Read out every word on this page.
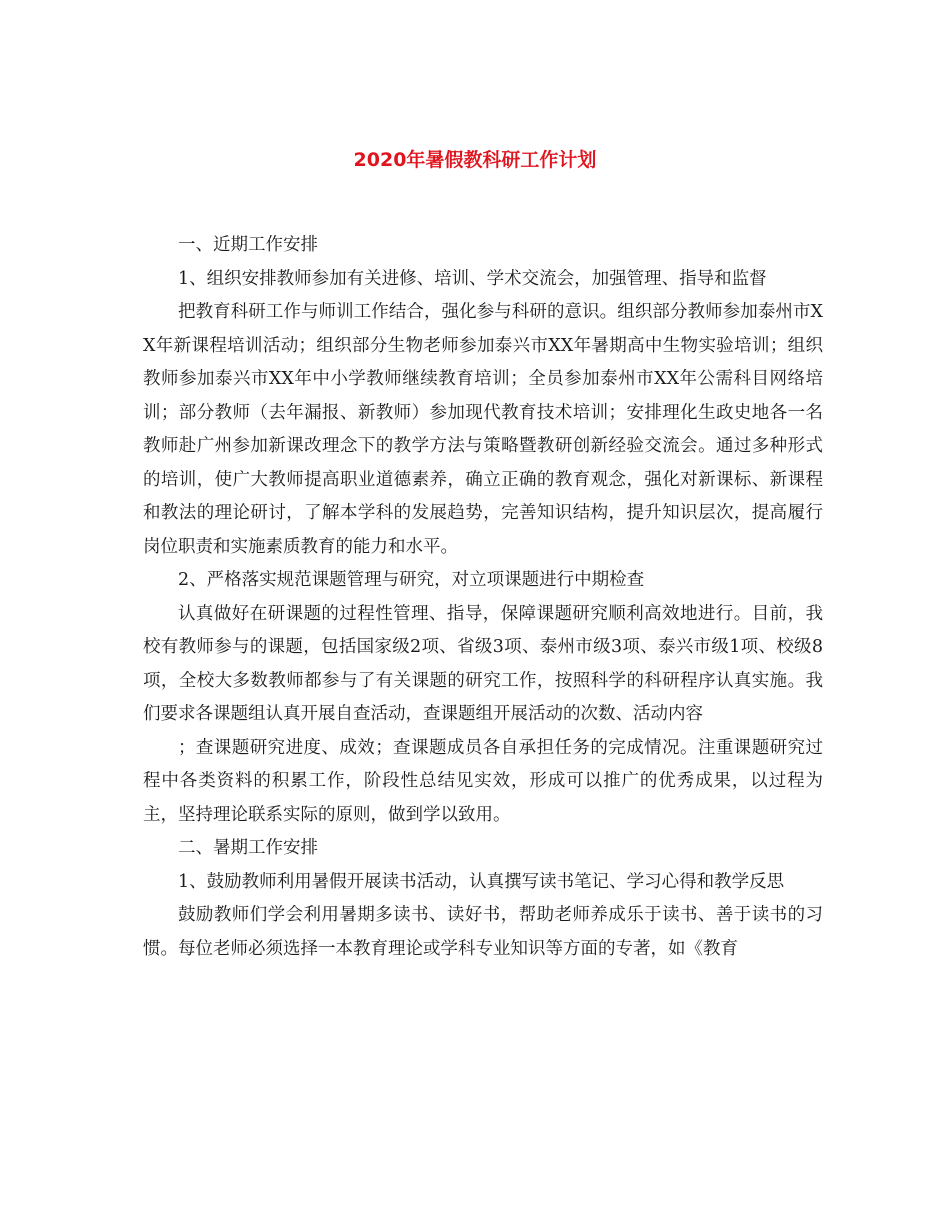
2020年暑假教科研工作计划

一、近期工作安排

1、组织安排教师参加有关进修、培训、学术交流会，加强管理、指导和监督

把教育科研工作与师训工作结合，强化参与科研的意识。组织部分教师参加泰州市XX年新课程培训活动；组织部分生物老师参加泰兴市XX年暑期高中生物实验培训；组织教师参加泰兴市XX年中小学教师继续教育培训；全员参加泰州市XX年公需科目网络培训；部分教师（去年漏报、新教师）参加现代教育技术培训；安排理化生政史地各一名教师赴广州参加新课改理念下的教学方法与策略暨教研创新经验交流会。通过多种形式的培训，使广大教师提高职业道德素养，确立正确的教育观念，强化对新课标、新课程和教法的理论研讨，了解本学科的发展趋势，完善知识结构，提升知识层次，提高履行岗位职责和实施素质教育的能力和水平。

2、严格落实规范课题管理与研究，对立项课题进行中期检查

认真做好在研课题的过程性管理、指导，保障课题研究顺利高效地进行。目前，我校有教师参与的课题，包括国家级2项、省级3项、泰州市级3项、泰兴市级1项、校级8项，全校大多数教师都参与了有关课题的研究工作，按照科学的科研程序认真实施。我们要求各课题组认真开展自查活动，查课题组开展活动的次数、活动内容

；查课题研究进度、成效；查课题成员各自承担任务的完成情况。注重课题研究过程中各类资料的积累工作，阶段性总结见实效，形成可以推广的优秀成果，以过程为主，坚持理论联系实际的原则，做到学以致用。

二、暑期工作安排

1、鼓励教师利用暑假开展读书活动，认真撰写读书笔记、学习心得和教学反思

鼓励教师们学会利用暑期多读书、读好书，帮助老师养成乐于读书、善于读书的习惯。每位老师必须选择一本教育理论或学科专业知识等方面的专著，如《教育
